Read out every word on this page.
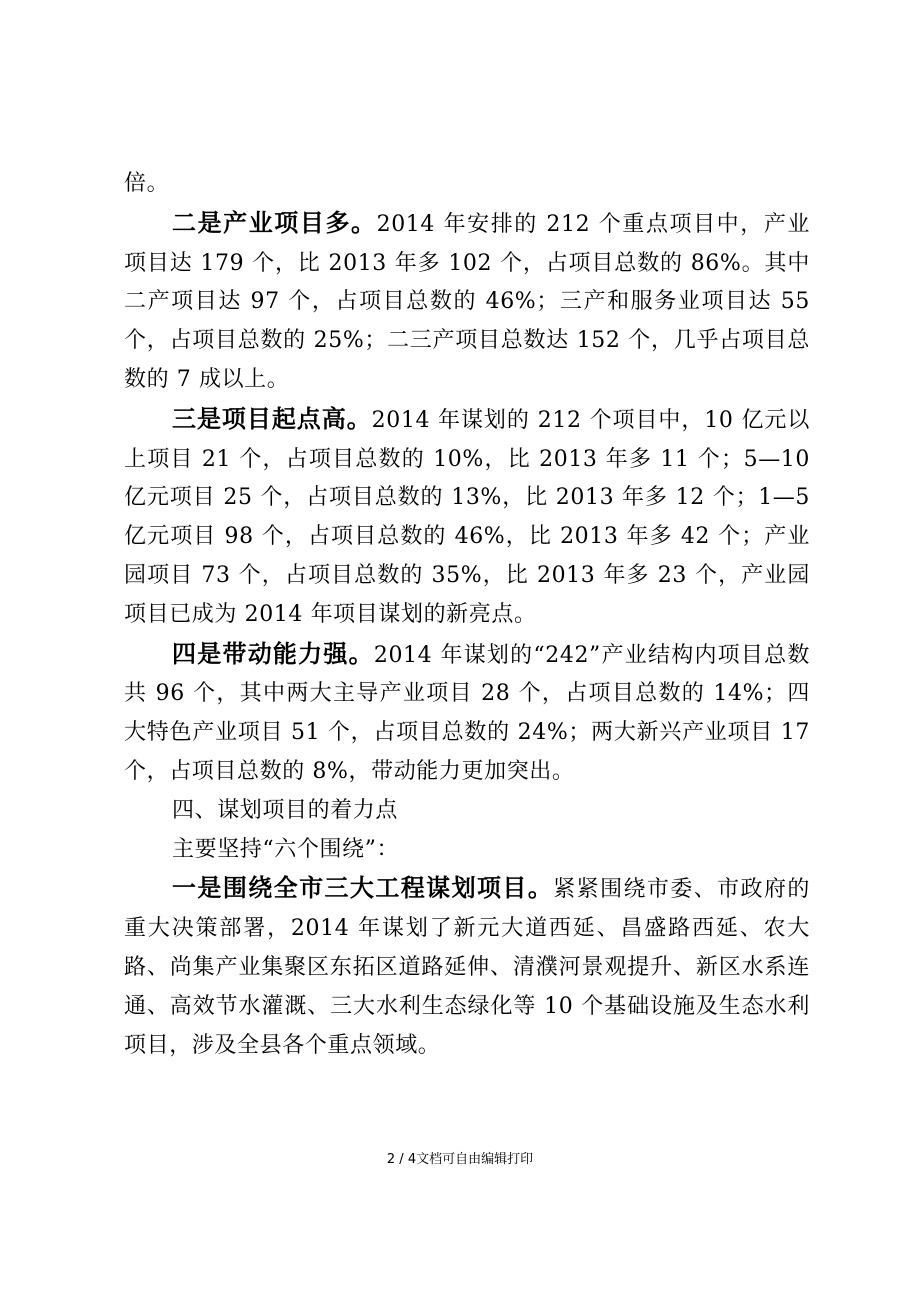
倍。

二是产业项目多。2014 年安排的 212 个重点项目中，产业项目达 179 个，比 2013 年多 102 个，占项目总数的 86%。其中二产项目达 97 个，占项目总数的 46%；三产和服务业项目达 55 个，占项目总数的 25%；二三产项目总数达 152 个，几乎占项目总数的 7 成以上。

三是项目起点高。2014 年谋划的 212 个项目中，10 亿元以上项目 21 个，占项目总数的 10%，比 2013 年多 11 个；5—10 亿元项目 25 个，占项目总数的 13%，比 2013 年多 12 个；1—5 亿元项目 98 个，占项目总数的 46%，比 2013 年多 42 个；产业园项目 73 个，占项目总数的 35%，比 2013 年多 23 个，产业园项目已成为 2014 年项目谋划的新亮点。

四是带动能力强。2014 年谋划的“242”产业结构内项目总数共 96 个，其中两大主导产业项目 28 个，占项目总数的 14%；四大特色产业项目 51 个，占项目总数的 24%；两大新兴产业项目 17 个，占项目总数的 8%，带动能力更加突出。

四、谋划项目的着力点

主要坚持“六个围绕”：

一是围绕全市三大工程谋划项目。紧紧围绕市委、市政府的重大决策部署，2014 年谋划了新元大道西延、昌盛路西延、农大路、尚集产业集聚区东拓区道路延伸、清濮河景观提升、新区水系连通、高效节水灌溉、三大水利生态绿化等 10 个基础设施及生态水利项目，涉及全县各个重点领域。

2 / 4文档可自由编辑打印
